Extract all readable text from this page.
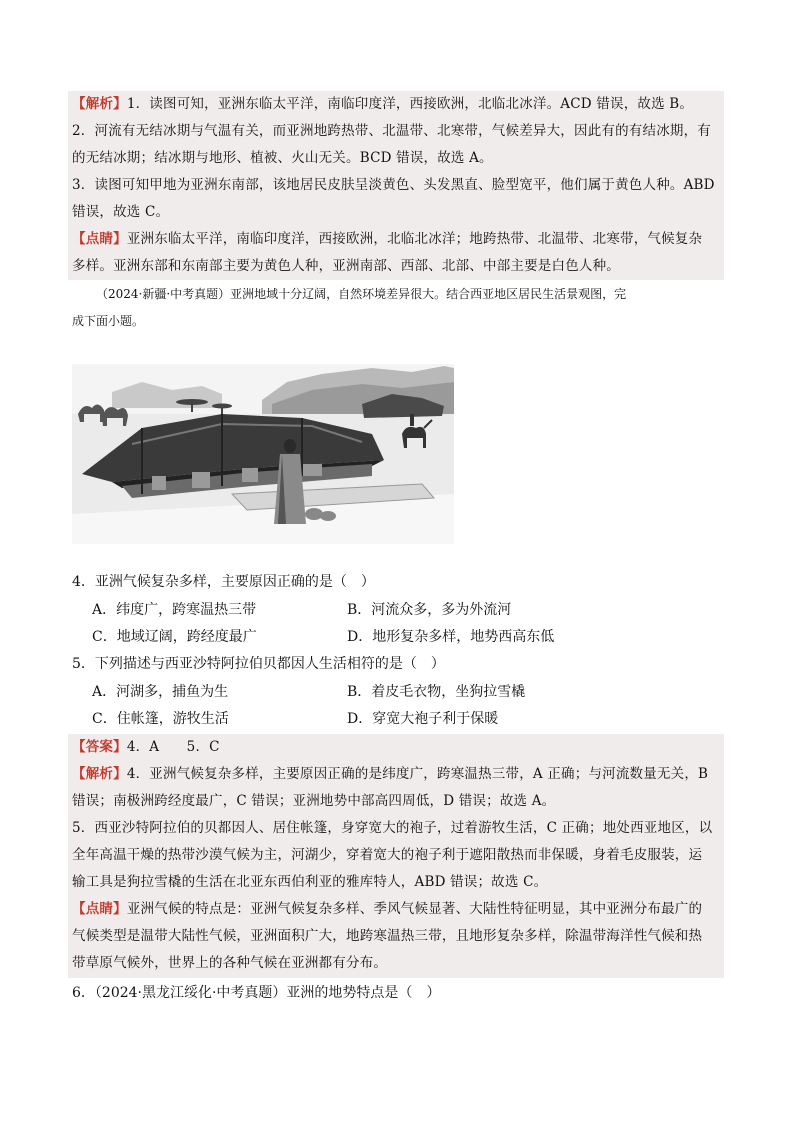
【解析】1．读图可知，亚洲东临太平洋，南临印度洋，西接欧洲，北临北冰洋。ACD 错误，故选 B。
2．河流有无结冰期与气温有关，而亚洲地跨热带、北温带、北寒带，气候差异大，因此有的有结冰期，有
的无结冰期；结冰期与地形、植被、火山无关。BCD 错误，故选 A。
3．读图可知甲地为亚洲东南部，该地居民皮肤呈淡黄色、头发黑直、脸型宽平，他们属于黄色人种。ABD
错误，故选 C。
【点睛】亚洲东临太平洋，南临印度洋，西接欧洲，北临北冰洋；地跨热带、北温带、北寒带，气候复杂
多样。亚洲东部和东南部主要为黄色人种，亚洲南部、西部、北部、中部主要是白色人种。
（2024·新疆·中考真题）亚洲地域十分辽阔，自然环境差异很大。结合西亚地区居民生活景观图，完
成下面小题。
4．亚洲气候复杂多样，主要原因正确的是（　）
A．纬度广，跨寒温热三带	B．河流众多，多为外流河
C．地域辽阔，跨经度最广	D．地形复杂多样，地势西高东低
5．下列描述与西亚沙特阿拉伯贝都因人生活相符的是（　）
A．河湖多，捕鱼为生	B．着皮毛衣物，坐狗拉雪橇
C．住帐篷，游牧生活	D．穿宽大袍子利于保暖
【答案】4．A　　5．C
【解析】4．亚洲气候复杂多样，主要原因正确的是纬度广，跨寒温热三带，A 正确；与河流数量无关，B
错误；南极洲跨经度最广，C 错误；亚洲地势中部高四周低，D 错误；故选 A。
5．西亚沙特阿拉伯的贝都因人、居住帐篷，身穿宽大的袍子，过着游牧生活，C 正确；地处西亚地区，以
全年高温干燥的热带沙漠气候为主，河湖少，穿着宽大的袍子利于遮阳散热而非保暖，身着毛皮服装，运
输工具是狗拉雪橇的生活在北亚东西伯利亚的雅库特人，ABD 错误；故选 C。
【点睛】亚洲气候的特点是：亚洲气候复杂多样、季风气候显著、大陆性特征明显，其中亚洲分布最广的
气候类型是温带大陆性气候，亚洲面积广大，地跨寒温热三带，且地形复杂多样，除温带海洋性气候和热
带草原气候外，世界上的各种气候在亚洲都有分布。
6．（2024·黑龙江绥化·中考真题）亚洲的地势特点是（　）
